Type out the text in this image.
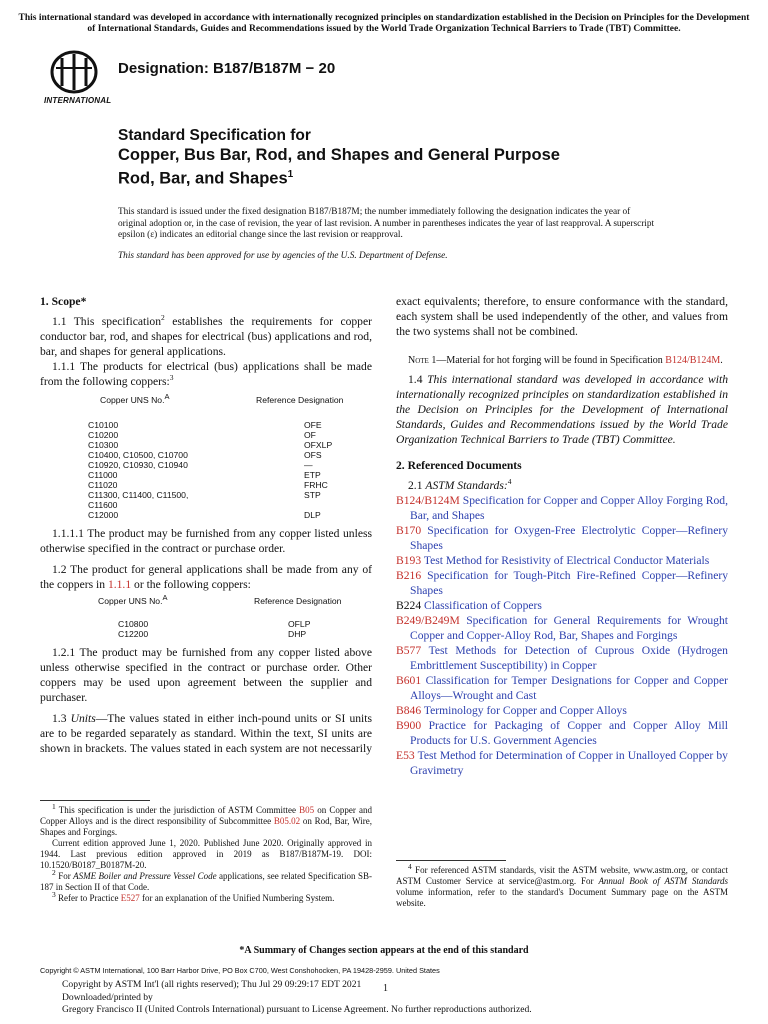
This international standard was developed in accordance with internationally recognized principles on standardization established in the Decision on Principles for the Development of International Standards, Guides and Recommendations issued by the World Trade Organization Technical Barriers to Trade (TBT) Committee.
INTERNATIONAL
Designation: B187/B187M − 20
Standard Specification for
Copper, Bus Bar, Rod, and Shapes and General Purpose
Rod, Bar, and Shapes$^1$
This standard is issued under the fixed designation B187/B187M; the number immediately following the designation indicates the year of original adoption or, in the case of revision, the year of last revision. A number in parentheses indicates the year of last reapproval. A superscript epsilon (ε) indicates an editorial change since the last revision or reapproval.
This standard has been approved for use by agencies of the U.S. Department of Defense.
1. Scope*

1.1 This specification$^2$ establishes the requirements for copper conductor bar, rod, and shapes for electrical (bus) applications and rod, bar, and shapes for general applications.

1.1.1 The products for electrical (bus) applications shall be made from the following coppers:$^3$

Copper UNS No.A	Reference Designation
C10100	OFE
C10200	OF
C10300	OFXLP
C10400, C10500, C10700	OFS
C10920, C10930, C10940	—
C11000	ETP
C11020	FRHC
C11300, C11400, C11500,	STP
C11600	
C12000	DLP

1.1.1.1 The product may be furnished from any copper listed unless otherwise specified in the contract or purchase order.

1.2 The product for general applications shall be made from any of the coppers in 1.1.1 or the following coppers:

Copper UNS No.A	Reference Designation
C10800	OFLP
C12200	DHP

1.2.1 The product may be furnished from any copper listed above unless otherwise specified in the contract or purchase order. Other coppers may be used upon agreement between the supplier and purchaser.

1.3 Units—The values stated in either inch-pound units or SI units are to be regarded separately as standard. Within the text, SI units are shown in brackets. The values stated in each system are not necessarily

$^1$ This specification is under the jurisdiction of ASTM Committee B05 on Copper and Copper Alloys and is the direct responsibility of Subcommittee B05.02 on Rod, Bar, Wire, Shapes and Forgings.

Current edition approved June 1, 2020. Published June 2020. Originally approved in 1944. Last previous edition approved in 2019 as B187/B187M-19. DOI: 10.1520/B0187_B0187M-20.

$^2$ For ASME Boiler and Pressure Vessel Code applications, see related Specification SB-187 in Section II of that Code.

$^3$ Refer to Practice E527 for an explanation of the Unified Numbering System.

exact equivalents; therefore, to ensure conformance with the standard, each system shall be used independently of the other, and values from the two systems shall not be combined.

Note 1—Material for hot forging will be found in Specification B124/B124M.

1.4 This international standard was developed in accordance with internationally recognized principles on standardization established in the Decision on Principles for the Development of International Standards, Guides and Recommendations issued by the World Trade Organization Technical Barriers to Trade (TBT) Committee.

2. Referenced Documents

2.1 ASTM Standards:$^4$

B124/B124M Specification for Copper and Copper Alloy Forging Rod, Bar, and Shapes

B170 Specification for Oxygen-Free Electrolytic Copper—Refinery Shapes

B193 Test Method for Resistivity of Electrical Conductor Materials

B216 Specification for Tough-Pitch Fire-Refined Copper—Refinery Shapes

B224 Classification of Coppers

B249/B249M Specification for General Requirements for Wrought Copper and Copper-Alloy Rod, Bar, Shapes and Forgings

B577 Test Methods for Detection of Cuprous Oxide (Hydrogen Embrittlement Susceptibility) in Copper

B601 Classification for Temper Designations for Copper and Copper Alloys—Wrought and Cast

B846 Terminology for Copper and Copper Alloys

B900 Practice for Packaging of Copper and Copper Alloy Mill Products for U.S. Government Agencies

E53 Test Method for Determination of Copper in Unalloyed Copper by Gravimetry

$^4$ For referenced ASTM standards, visit the ASTM website, www.astm.org, or contact ASTM Customer Service at service@astm.org. For Annual Book of ASTM Standards volume information, refer to the standard's Document Summary page on the ASTM website.

*A Summary of Changes section appears at the end of this standard
Copyright © ASTM International, 100 Barr Harbor Drive, PO Box C700, West Conshohocken, PA 19428-2959. United States
Copyright by ASTM Int'l (all rights reserved); Thu Jul 29 09:29:17 EDT 2021
Downloaded/printed by
Gregory Francisco II (United Controls International) pursuant to License Agreement. No further reproductions authorized.
1
